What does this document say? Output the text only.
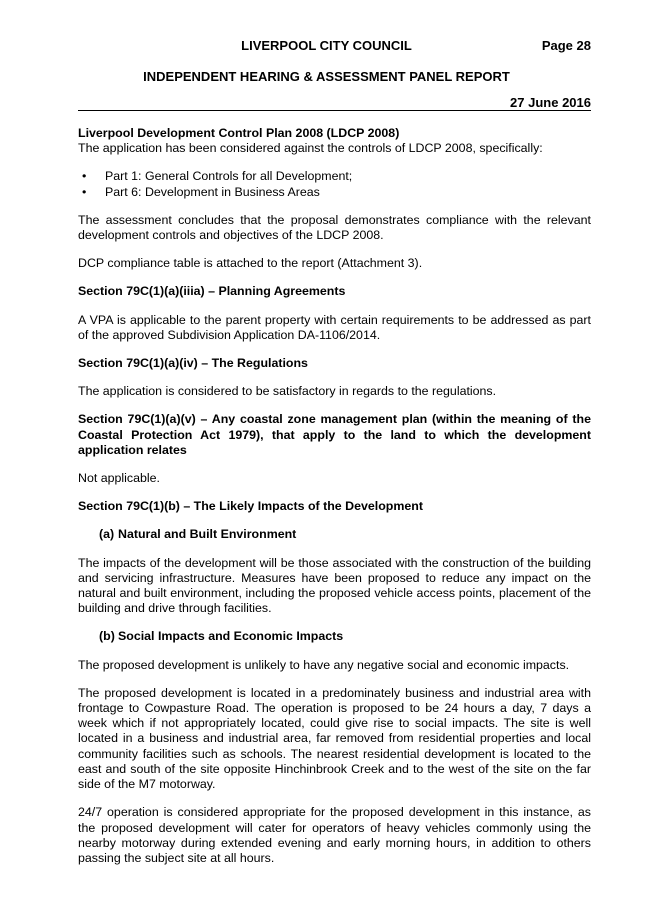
LIVERPOOL CITY COUNCIL	Page 28
INDEPENDENT HEARING & ASSESSMENT PANEL REPORT
27 June 2016

Liverpool Development Control Plan 2008 (LDCP 2008)

The application has been considered against the controls of LDCP 2008, specifically:

• Part 1: General Controls for all Development;
• Part 6: Development in Business Areas

The assessment concludes that the proposal demonstrates compliance with the relevant development controls and objectives of the LDCP 2008.

DCP compliance table is attached to the report (Attachment 3).

Section 79C(1)(a)(iiia) – Planning Agreements

A VPA is applicable to the parent property with certain requirements to be addressed as part of the approved Subdivision Application DA-1106/2014.

Section 79C(1)(a)(iv) – The Regulations

The application is considered to be satisfactory in regards to the regulations.

Section 79C(1)(a)(v) – Any coastal zone management plan (within the meaning of the Coastal Protection Act 1979), that apply to the land to which the development application relates

Not applicable.

Section 79C(1)(b) – The Likely Impacts of the Development

(a) Natural and Built Environment

The impacts of the development will be those associated with the construction of the building and servicing infrastructure. Measures have been proposed to reduce any impact on the natural and built environment, including the proposed vehicle access points, placement of the building and drive through facilities.

(b) Social Impacts and Economic Impacts

The proposed development is unlikely to have any negative social and economic impacts.

The proposed development is located in a predominately business and industrial area with frontage to Cowpasture Road. The operation is proposed to be 24 hours a day, 7 days a week which if not appropriately located, could give rise to social impacts. The site is well located in a business and industrial area, far removed from residential properties and local community facilities such as schools. The nearest residential development is located to the east and south of the site opposite Hinchinbrook Creek and to the west of the site on the far side of the M7 motorway.

24/7 operation is considered appropriate for the proposed development in this instance, as the proposed development will cater for operators of heavy vehicles commonly using the nearby motorway during extended evening and early morning hours, in addition to others passing the subject site at all hours.
